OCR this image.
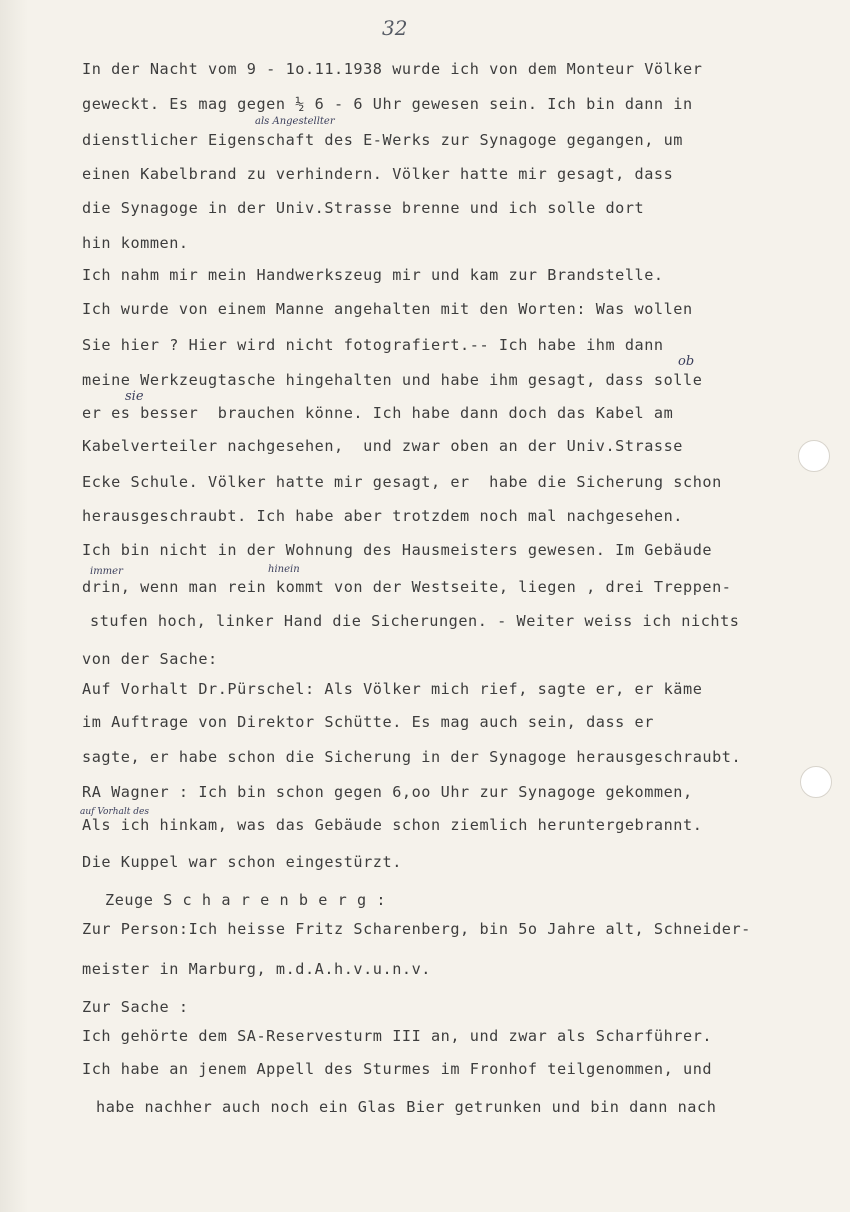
32
In der Nacht vom 9 - 1o.11.1938 wurde ich von dem Monteur Völker
geweckt. Es mag gegen ½ 6 - 6 Uhr gewesen sein. Ich bin dann in
dienstlicher Eigenschaft des E-Werks zur Synagoge gegangen, um
einen Kabelbrand zu verhindern. Völker hatte mir gesagt, dass
die Synagoge in der Univ.Strasse brenne und ich solle dort
hin kommen.
Ich nahm mir mein Handwerkszeug mir und kam zur Brandstelle.
Ich wurde von einem Manne angehalten mit den Worten: Was wollen
Sie hier ? Hier wird nicht fotografiert.-- Ich habe ihm dann
meine Werkzeugtasche hingehalten und habe ihm gesagt, dass solle
er es besser  brauchen könne. Ich habe dann doch das Kabel am
Kabelverteiler nachgesehen,  und zwar oben an der Univ.Strasse
Ecke Schule. Völker hatte mir gesagt, er  habe die Sicherung schon
herausgeschraubt. Ich habe aber trotzdem noch mal nachgesehen.
Ich bin nicht in der Wohnung des Hausmeisters gewesen. Im Gebäude
drin, wenn man rein kommt von der Westseite, liegen , drei Treppen-
stufen hoch, linker Hand die Sicherungen. - Weiter weiss ich nichts
von der Sache:
Auf Vorhalt Dr.Pürschel: Als Völker mich rief, sagte er, er käme
im Auftrage von Direktor Schütte. Es mag auch sein, dass er
sagte, er habe schon die Sicherung in der Synagoge herausgeschraubt.
RA Wagner : Ich bin schon gegen 6,oo Uhr zur Synagoge gekommen,
Als ich hinkam, was das Gebäude schon ziemlich heruntergebrannt.
Die Kuppel war schon eingestürzt.
Zeuge S c h a r e n b e r g :
Zur Person:Ich heisse Fritz Scharenberg, bin 5o Jahre alt, Schneider-
meister in Marburg, m.d.A.h.v.u.n.v.
Zur Sache :
Ich gehörte dem SA-Reservesturm III an, und zwar als Scharführer.
Ich habe an jenem Appell des Sturmes im Fronhof teilgenommen, und
habe nachher auch noch ein Glas Bier getrunken und bin dann nach
als Angestellter
ob
sie
immer	hinein
auf Vorhalt des
